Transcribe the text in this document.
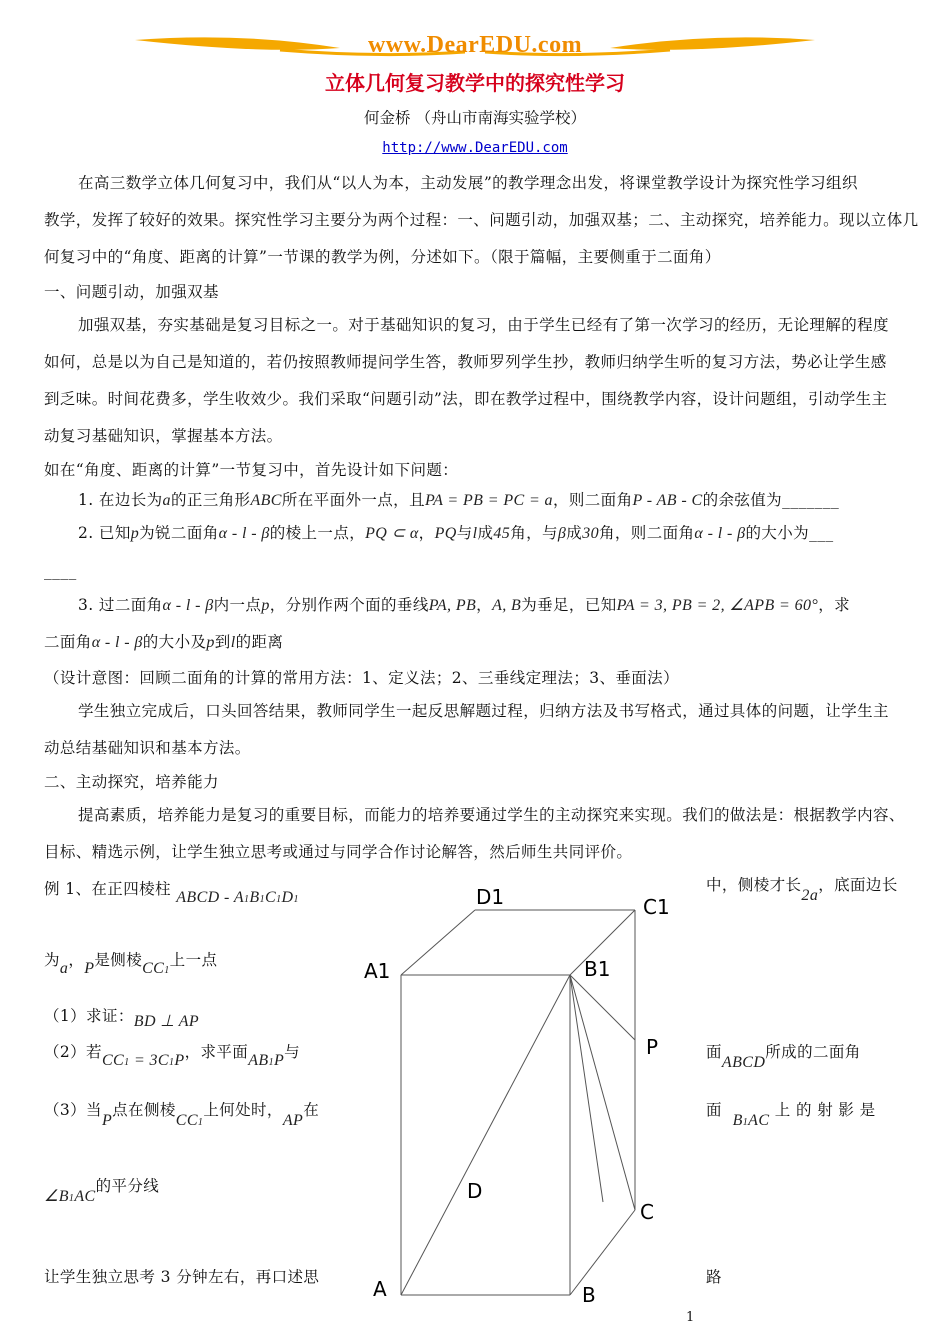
www.DearEDU.com
立体几何复习教学中的探究性学习
何金桥 （舟山市南海实验学校）
http://www.DearEDU.com
在高三数学立体几何复习中，我们从“以人为本，主动发展”的教学理念出发，将课堂教学设计为探究性学习组织
教学，发挥了较好的效果。探究性学习主要分为两个过程：一、问题引动，加强双基；二、主动探究，培养能力。现以立体几
何复习中的“角度、距离的计算”一节课的教学为例，分述如下。（限于篇幅，主要侧重于二面角）
一、问题引动，加强双基
加强双基，夯实基础是复习目标之一。对于基础知识的复习，由于学生已经有了第一次学习的经历，无论理解的程度
如何，总是以为自己是知道的，若仍按照教师提问学生答，教师罗列学生抄，教师归纳学生听的复习方法，势必让学生感
到乏味。时间花费多，学生收效少。我们采取“问题引动”法，即在教学过程中，围绕教学内容，设计问题组，引动学生主
动复习基础知识，掌握基本方法。
如在“角度、距离的计算”一节复习中，首先设计如下问题：
1. 在边长为a的正三角形ABC所在平面外一点，且PA = PB = PC = a，则二面角P - AB - C的余弦值为_______
2. 已知p为锐二面角α - l - β的棱上一点，PQ ⊂ α，PQ与l成45角，与β成30角，则二面角α - l - β的大小为___
____
3. 过二面角α - l - β内一点p，分别作两个面的垂线PA, PB，A, B为垂足，已知PA = 3, PB = 2, ∠APB = 60°，求
二面角α - l - β的大小及p到l的距离
（设计意图：回顾二面角的计算的常用方法：1、定义法；2、三垂线定理法；3、垂面法）
学生独立完成后，口头回答结果，教师同学生一起反思解题过程，归纳方法及书写格式，通过具体的问题，让学生主
动总结基础知识和基本方法。
二、主动探究，培养能力
提高素质，培养能力是复习的重要目标，而能力的培养要通过学生的主动探究来实现。我们的做法是：根据教学内容、
目标、精选示例，让学生独立思考或通过与同学合作讨论解答，然后师生共同评价。
例 1、在正四棱柱 ABCD - A1B1C1D1
为a，P是侧棱CC1上一点
（1）求证：BD ⊥ AP
（2）若CC1 = 3C1P，求平面AB1P与
（3）当P点在侧棱CC1上何处时，AP在
∠B1AC的平分线
让学生独立思考 3 分钟左右，再口述思
中，侧棱才长2a，底面边长
面ABCD所成的二面角
面  B1AC 上 的 射 影 是
路
D1	C1
A1	B1
P
D
C
A	B
1
